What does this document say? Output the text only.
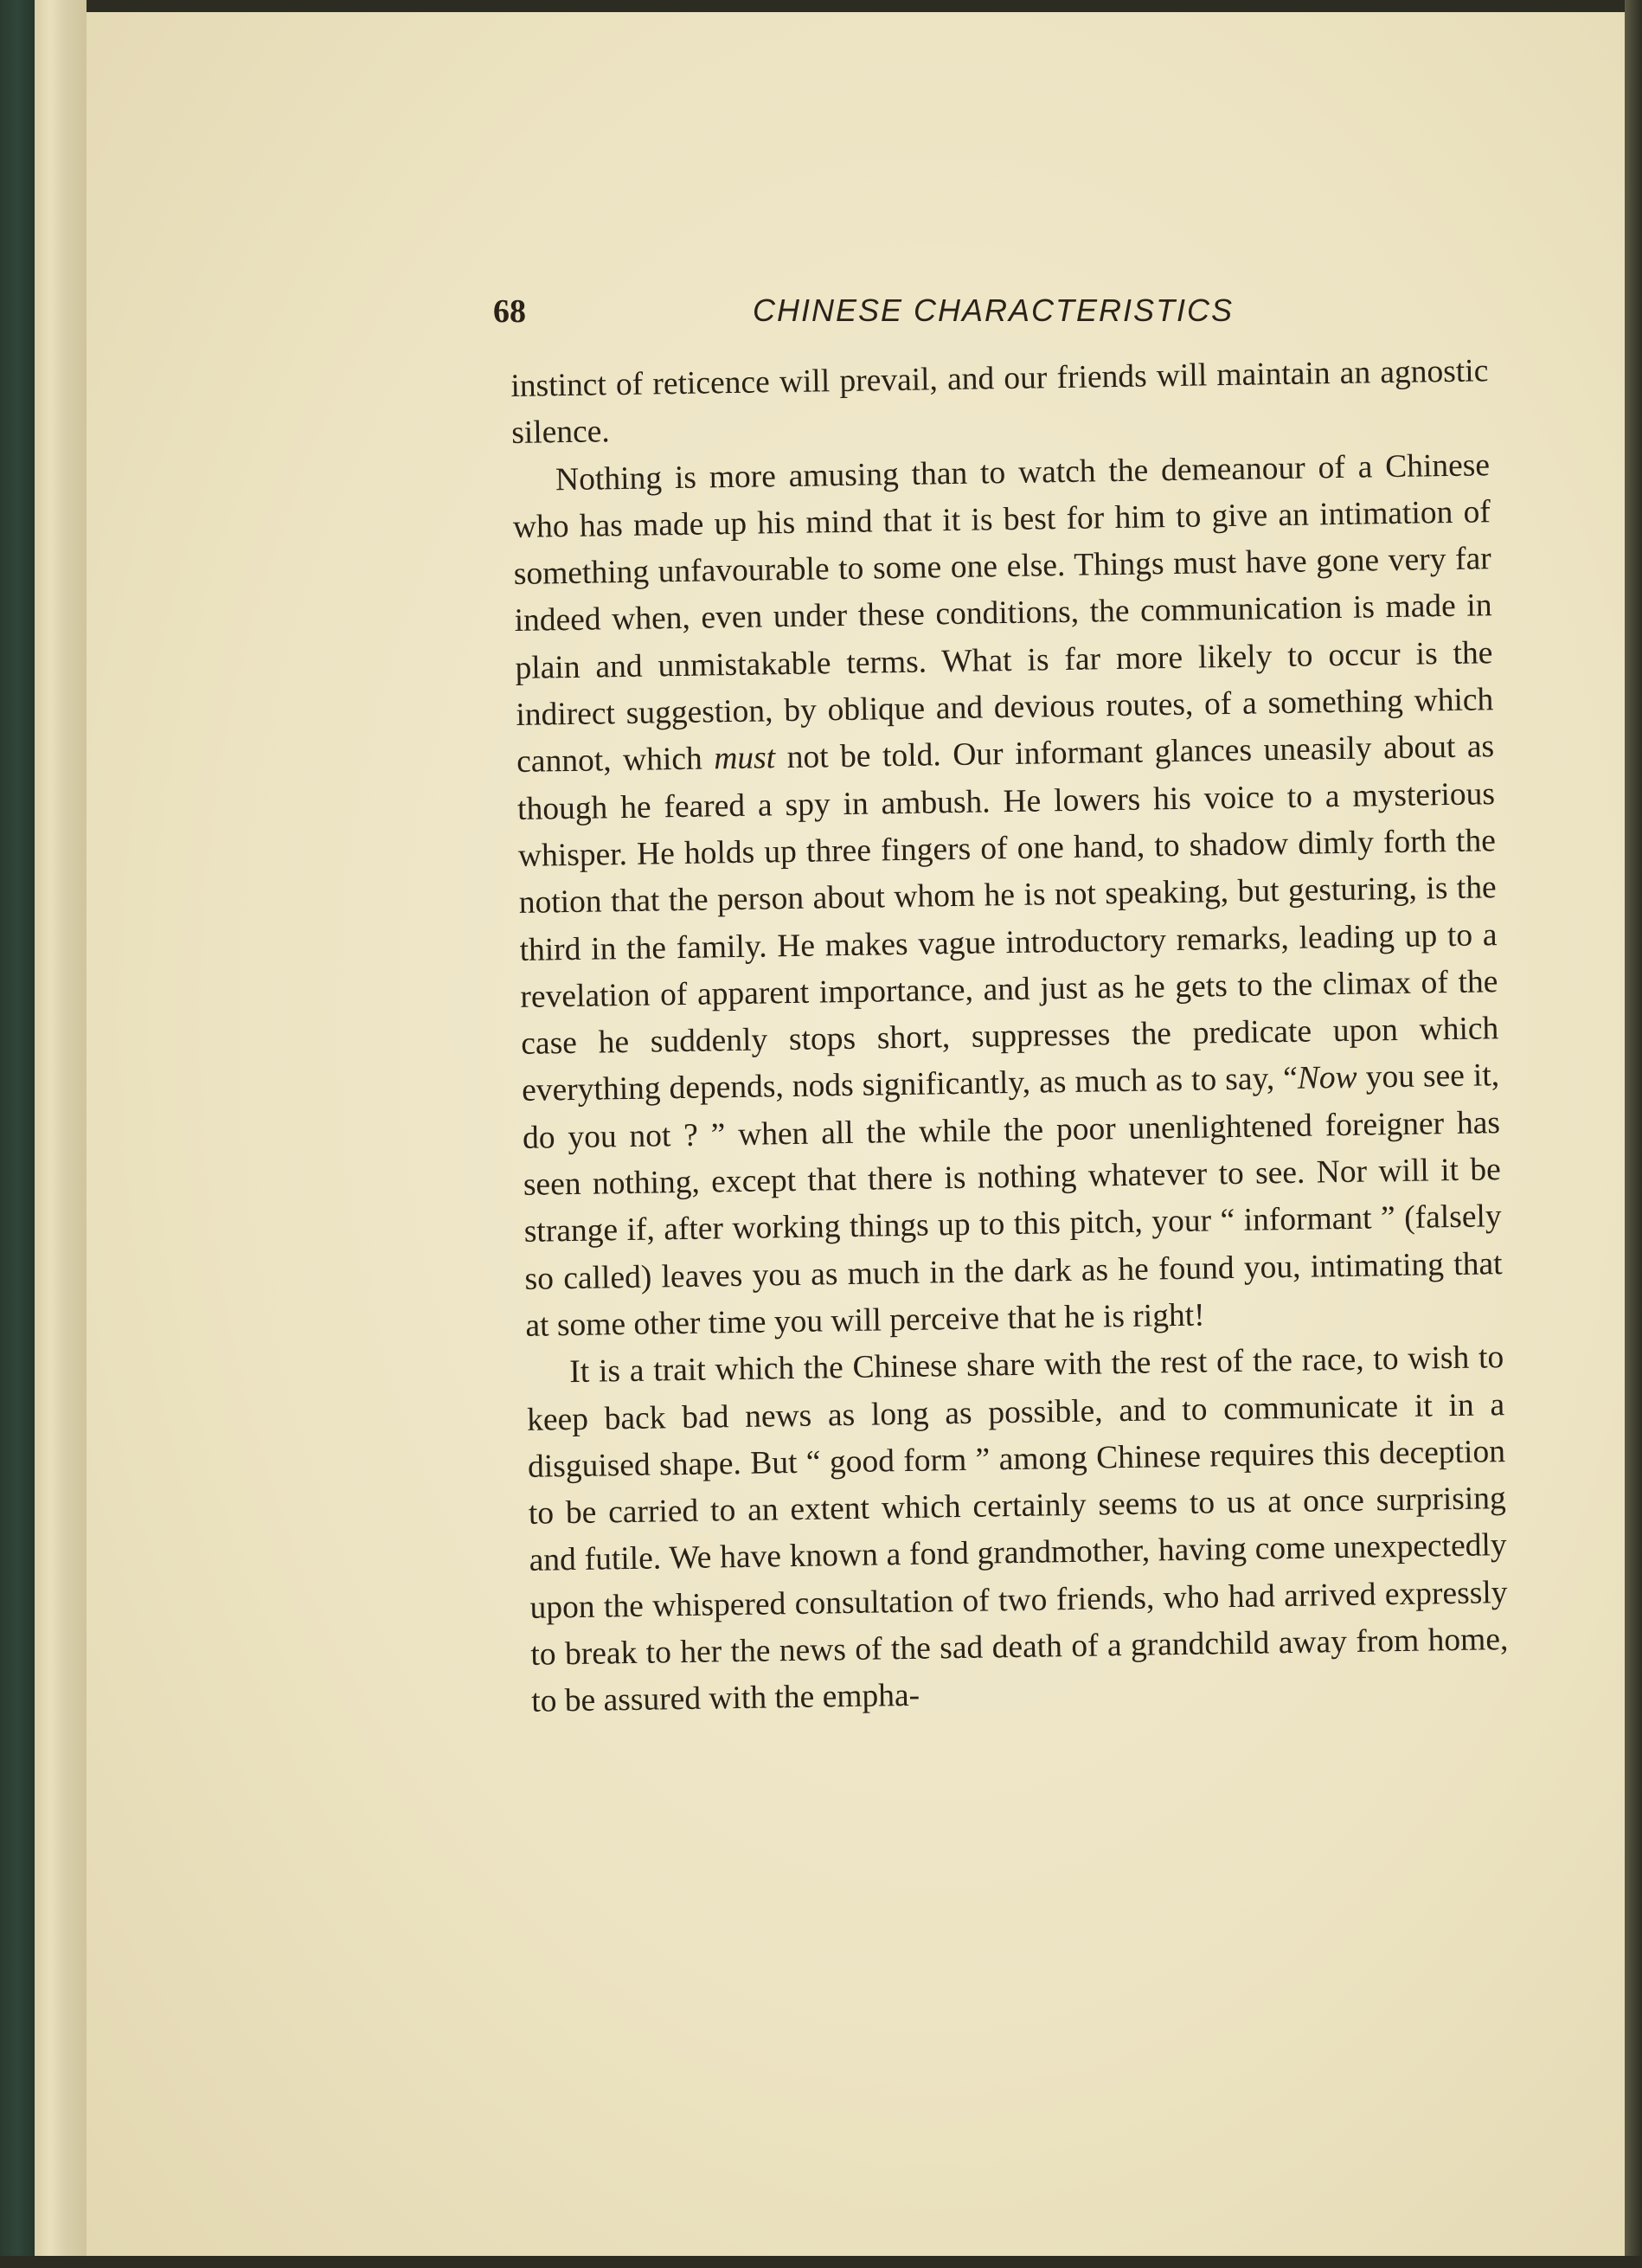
68	CHINESE CHARACTERISTICS

instinct of reticence will prevail, and our friends will maintain an agnostic silence.

Nothing is more amusing than to watch the demeanour of a Chinese who has made up his mind that it is best for him to give an intimation of something unfavourable to some one else. Things must have gone very far indeed when, even under these conditions, the communication is made in plain and unmistakable terms. What is far more likely to occur is the indirect suggestion, by oblique and devious routes, of a something which cannot, which must not be told. Our informant glances uneasily about as though he feared a spy in ambush. He lowers his voice to a mysterious whisper. He holds up three fingers of one hand, to shadow dimly forth the notion that the person about whom he is not speaking, but gesturing, is the third in the family. He makes vague introductory remarks, leading up to a revelation of apparent importance, and just as he gets to the climax of the case he suddenly stops short, suppresses the predicate upon which everything depends, nods significantly, as much as to say, “Now you see it, do you not ? ” when all the while the poor unenlightened foreigner has seen nothing, except that there is nothing whatever to see. Nor will it be strange if, after working things up to this pitch, your “ informant ” (falsely so called) leaves you as much in the dark as he found you, intimating that at some other time you will perceive that he is right!

It is a trait which the Chinese share with the rest of the race, to wish to keep back bad news as long as possible, and to communicate it in a disguised shape. But “ good form ” among Chinese requires this deception to be carried to an extent which certainly seems to us at once surprising and futile. We have known a fond grandmother, having come unexpectedly upon the whispered consultation of two friends, who had arrived expressly to break to her the news of the sad death of a grandchild away from home, to be assured with the empha-
